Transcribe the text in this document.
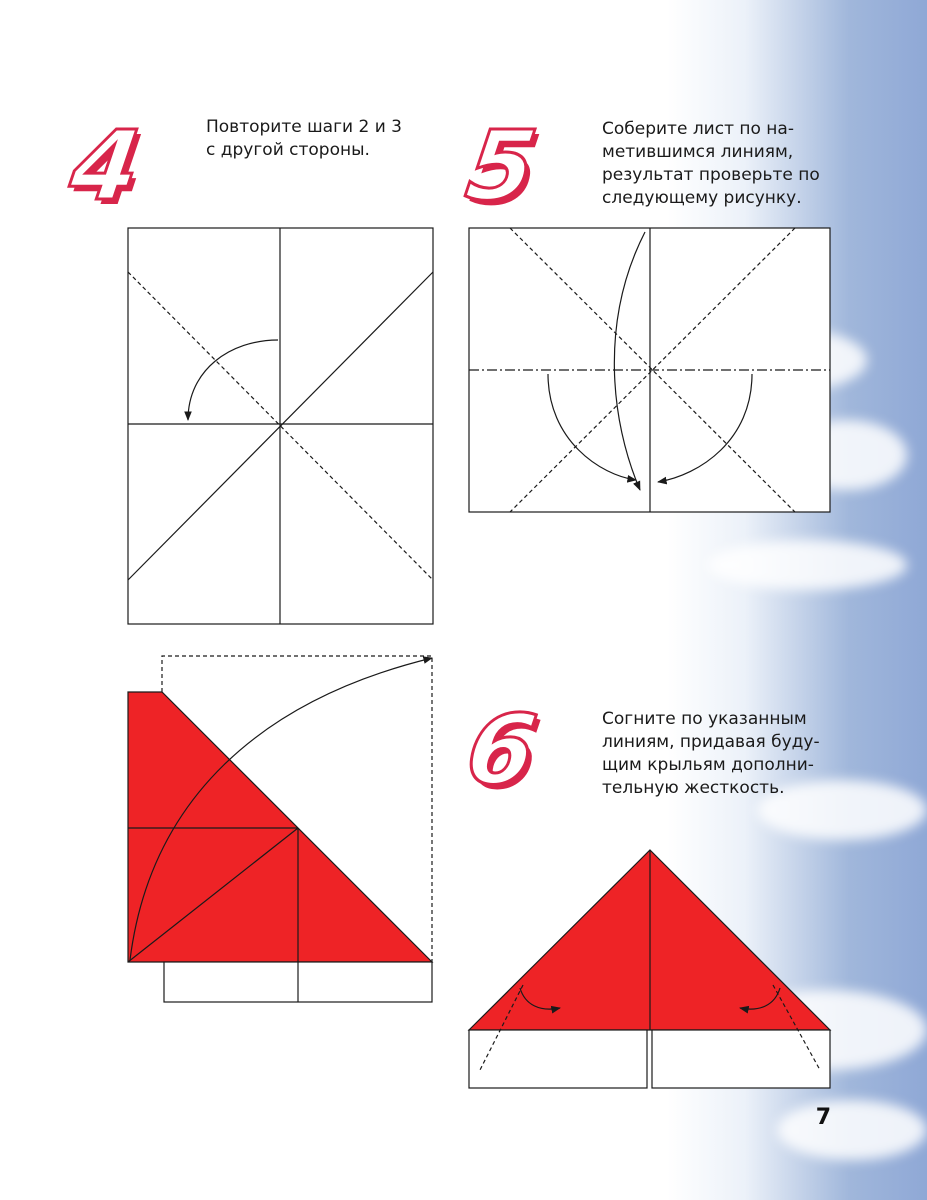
4	5
6
Повторите шаги 2 и 3
с другой стороны.
Соберите лист по на-
метившимся линиям,
результат проверьте по
следующему рисунку.
Согните по указанным
линиям, придавая буду-
щим крыльям дополни-
тельную жесткость.
7
